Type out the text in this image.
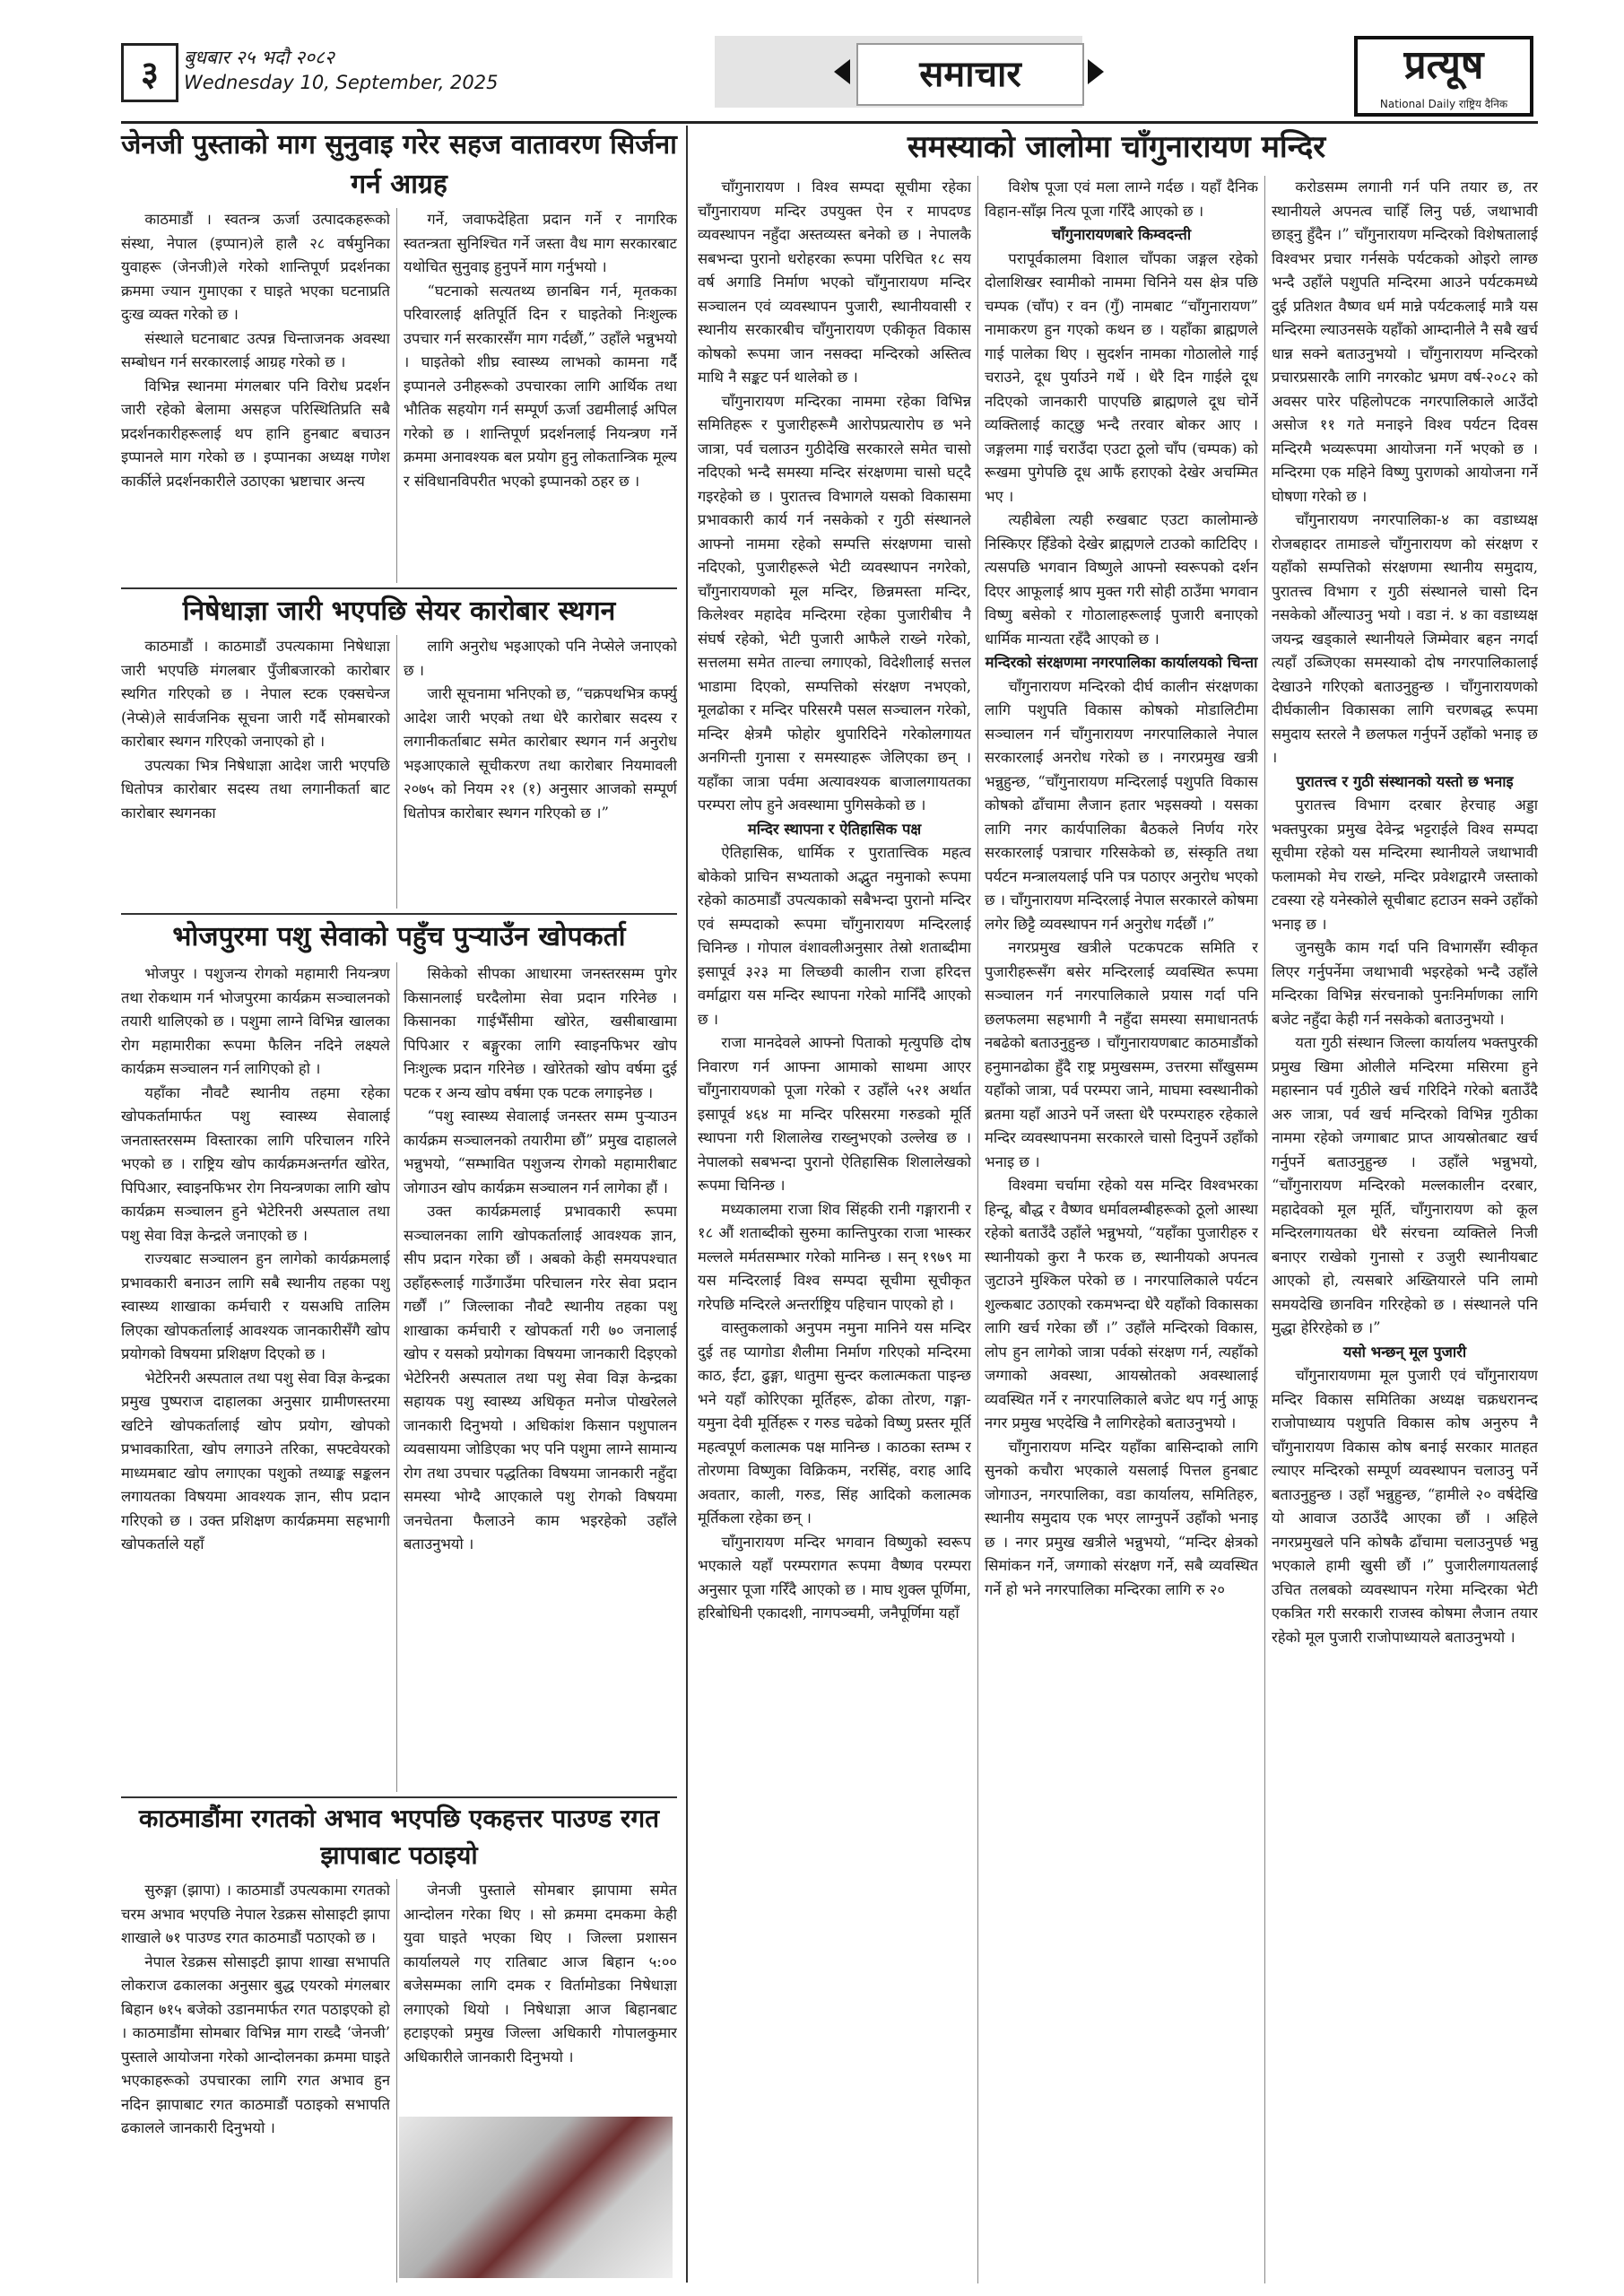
३	बुधबार २५ भदौ २०८२
Wednesday 10, September, 2025	समाचार	प्रत्यूष
National Daily राष्ट्रिय दैनिक
जेनजी पुस्ताको माग सुनुवाइ गरेर सहज वातावरण सिर्जना गर्न आग्रह

काठमाडौं । स्वतन्त्र ऊर्जा उत्पादकहरूको संस्था, नेपाल (इप्पान)ले हालै २८ वर्षमुनिका युवाहरू (जेनजी)ले गरेको शान्तिपूर्ण प्रदर्शनका क्रममा ज्यान गुमाएका र घाइते भएका घटनाप्रति दुःख व्यक्त गरेको छ ।

संस्थाले घटनाबाट उत्पन्न चिन्ताजनक अवस्था सम्बोधन गर्न सरकारलाई आग्रह गरेको छ ।

विभिन्न स्थानमा मंगलबार पनि विरोध प्रदर्शन जारी रहेको बेलामा असहज परिस्थितिप्रति सबै प्रदर्शनकारीहरूलाई थप हानि हुनबाट बचाउन इप्पानले माग गरेको छ । इप्पानका अध्यक्ष गणेश कार्कीले प्रदर्शनकारीले उठाएका भ्रष्टाचार अन्त्य

गर्ने, जवाफदेहिता प्रदान गर्ने र नागरिक स्वतन्त्रता सुनिश्चित गर्ने जस्ता वैध माग सरकारबाट यथोचित सुनुवाइ हुनुपर्ने माग गर्नुभयो ।

“घटनाको सत्यतथ्य छानबिन गर्न, मृतकका परिवारलाई क्षतिपूर्ति दिन र घाइतेको निःशुल्क उपचार गर्न सरकारसँग माग गर्दछौं,” उहाँले भन्नुभयो । घाइतेको शीघ्र स्वास्थ्य लाभको कामना गर्दै इप्पानले उनीहरूको उपचारका लागि आर्थिक तथा भौतिक सहयोग गर्न सम्पूर्ण ऊर्जा उद्यमीलाई अपिल गरेको छ । शान्तिपूर्ण प्रदर्शनलाई नियन्त्रण गर्ने क्रममा अनावश्यक बल प्रयोग हुनु लोकतान्त्रिक मूल्य र संविधानविपरीत भएको इप्पानको ठहर छ ।

निषेधाज्ञा जारी भएपछि सेयर कारोबार स्थगन

काठमाडौं । काठमाडौं उपत्यकामा निषेधाज्ञा जारी भएपछि मंगलबार पुँजीबजारको कारोबार स्थगित गरिएको छ । नेपाल स्टक एक्सचेन्ज (नेप्से)ले सार्वजनिक सूचना जारी गर्दै सोमबारको कारोबार स्थगन गरिएको जनाएको हो ।

उपत्यका भित्र निषेधाज्ञा आदेश जारी भएपछि धितोपत्र कारोबार सदस्य तथा लगानीकर्ता बाट कारोबार स्थगनका

लागि अनुरोध भइआएको पनि नेप्सेले जनाएको छ ।

जारी सूचनामा भनिएको छ, “चक्रपथभित्र कर्फ्यु आदेश जारी भएको तथा धेरै कारोबार सदस्य र लगानीकर्ताबाट समेत कारोबार स्थगन गर्न अनुरोध भइआएकाले सूचीकरण तथा कारोबार नियमावली २०७५ को नियम २१ (१) अनुसार आजको सम्पूर्ण धितोपत्र कारोबार स्थगन गरिएको छ ।”

भोजपुरमा पशु सेवाको पहुँच पुऱ्याउँन खोपकर्ता

भोजपुर । पशुजन्य रोगको महामारी नियन्त्रण तथा रोकथाम गर्न भोजपुरमा कार्यक्रम सञ्चालनको तयारी थालिएको छ । पशुमा लाग्ने विभिन्न खालका रोग महामारीका रूपमा फैलिन नदिने लक्ष्यले कार्यक्रम सञ्चालन गर्न लागिएको हो ।

यहाँका नौवटै स्थानीय तहमा रहेका खोपकर्तामार्फत पशु स्वास्थ्य सेवालाई जनतास्तरसम्म विस्तारका लागि परिचालन गरिने भएको छ । राष्ट्रिय खोप कार्यक्रमअन्तर्गत खोरेत, पिपिआर, स्वाइनफिभर रोग नियन्त्रणका लागि खोप कार्यक्रम सञ्चालन हुने भेटेरिनरी अस्पताल तथा पशु सेवा विज्ञ केन्द्रले जनाएको छ ।

राज्यबाट सञ्चालन हुन लागेको कार्यक्रमलाई प्रभावकारी बनाउन लागि सबै स्थानीय तहका पशु स्वास्थ्य शाखाका कर्मचारी र यसअघि तालिम लिएका खोपकर्तालाई आवश्यक जानकारीसँगै खोप प्रयोगको विषयमा प्रशिक्षण दिएको छ ।

भेटेरिनरी अस्पताल तथा पशु सेवा विज्ञ केन्द्रका प्रमुख पुष्पराज दाहालका अनुसार ग्रामीणस्तरमा खटिने खोपकर्तालाई खोप प्रयोग, खोपको प्रभावकारिता, खोप लगाउने तरिका, सफ्टवेयरको माध्यमबाट खोप लगाएका पशुको तथ्याङ्क सङ्कलन लगायतका विषयमा आवश्यक ज्ञान, सीप प्रदान गरिएको छ । उक्त प्रशिक्षण कार्यक्रममा सहभागी खोपकर्ताले यहाँ

सिकेको सीपका आधारमा जनस्तरसम्म पुगेर किसानलाई घरदैलोमा सेवा प्रदान गरिनेछ । किसानका गाईभैँसीमा खोरेत, खसीबाखामा पिपिआर र बङ्गुरका लागि स्वाइनफिभर खोप निःशुल्क प्रदान गरिनेछ । खोरेतको खोप वर्षमा दुई पटक र अन्य खोप वर्षमा एक पटक लगाइनेछ ।

“पशु स्वास्थ्य सेवालाई जनस्तर सम्म पुऱ्याउन कार्यक्रम सञ्चालनको तयारीमा छौं” प्रमुख दाहालले भन्नुभयो, “सम्भावित पशुजन्य रोगको महामारीबाट जोगाउन खोप कार्यक्रम सञ्चालन गर्न लागेका हौं ।

उक्त कार्यक्रमलाई प्रभावकारी रूपमा सञ्चालनका लागि खोपकर्तालाई आवश्यक ज्ञान, सीप प्रदान गरेका छौं । अबको केही समयपश्चात उहाँहरूलाई गाउँगाउँमा परिचालन गरेर सेवा प्रदान गर्छौं ।” जिल्लाका नौवटै स्थानीय तहका पशु शाखाका कर्मचारी र खोपकर्ता गरी ७० जनालाई खोप र यसको प्रयोगका विषयमा जानकारी दिइएको भेटेरिनरी अस्पताल तथा पशु सेवा विज्ञ केन्द्रका सहायक पशु स्वास्थ्य अधिकृत मनोज पोखरेलले जानकारी दिनुभयो । अधिकांश किसान पशुपालन व्यवसायमा जोडिएका भए पनि पशुमा लाग्ने सामान्य रोग तथा उपचार पद्धतिका विषयमा जानकारी नहुँदा समस्या भोग्दै आएकाले पशु रोगको विषयमा जनचेतना फैलाउने काम भइरहेको उहाँले बताउनुभयो ।

काठमाडौंमा रगतको अभाव भएपछि एकहत्तर पाउण्ड रगत झापाबाट पठाइयो

सुरुङ्गा (झापा) । काठमाडौं उपत्यकामा रगतको चरम अभाव भएपछि नेपाल रेडक्रस सोसाइटी झापा शाखाले ७१ पाउण्ड रगत काठमाडौं पठाएको छ ।

नेपाल रेडक्रस सोसाइटी झापा शाखा सभापति लोकराज ढकालका अनुसार बुद्ध एयरको मंगलबार बिहान ७१५ बजेको उडानमार्फत रगत पठाइएको हो । काठमाडौंमा सोमबार विभिन्न माग राख्दै ‘जेनजी’ पुस्ताले आयोजना गरेको आन्दोलनका क्रममा घाइते भएकाहरूको उपचारका लागि रगत अभाव हुन नदिन झापाबाट रगत काठमाडौं पठाइको सभापति ढकालले जानकारी दिनुभयो ।

जेनजी पुस्ताले सोमबार झापामा समेत आन्दोलन गरेका थिए । सो क्रममा दमकमा केही युवा घाइते भएका थिए । जिल्ला प्रशासन कार्यालयले गए रातिबाट आज बिहान ५:०० बजेसम्मका लागि दमक र विर्तामोडका निषेधाज्ञा लगाएको थियो । निषेधाज्ञा आज बिहानबाट हटाइएको प्रमुख जिल्ला अधिकारी गोपालकुमार अधिकारीले जानकारी दिनुभयो ।

समस्याको जालोमा चाँगुनारायण मन्दिर

चाँगुनारायण । विश्व सम्पदा सूचीमा रहेका चाँगुनारायण मन्दिर उपयुक्त ऐन र मापदण्ड व्यवस्थापन नहुँदा अस्तव्यस्त बनेको छ । नेपालकै सबभन्दा पुरानो धरोहरका रूपमा परिचित १८ सय वर्ष अगाडि निर्माण भएको चाँगुनारायण मन्दिर सञ्चालन एवं व्यवस्थापन पुजारी, स्थानीयवासी र स्थानीय सरकारबीच चाँगुनारायण एकीकृत विकास कोषको रूपमा जान नसक्दा मन्दिरको अस्तित्व माथि नै सङ्कट पर्न थालेको छ ।

चाँगुनारायण मन्दिरका नाममा रहेका विभिन्न समितिहरू र पुजारीहरूमै आरोपप्रत्यारोप छ भने जात्रा, पर्व चलाउन गुठीदेखि सरकारले समेत चासो नदिएको भन्दै समस्या मन्दिर संरक्षणमा चासो घट्दै गइरहेको छ । पुरातत्त्व विभागले यसको विकासमा प्रभावकारी कार्य गर्न नसकेको र गुठी संस्थानले आफ्नो नाममा रहेको सम्पत्ति संरक्षणमा चासो नदिएको, पुजारीहरूले भेटी व्यवस्थापन नगरेको, चाँगुनारायणको मूल मन्दिर, छिन्नमस्ता मन्दिर, किलेश्वर महादेव मन्दिरमा रहेका पुजारीबीच नै संघर्ष रहेको, भेटी पुजारी आफैले राख्ने गरेको, सत्तलमा समेत ताल्चा लगाएको, विदेशीलाई सत्तल भाडामा दिएको, सम्पत्तिको संरक्षण नभएको, मूलढोका र मन्दिर परिसरमै पसल सञ्चालन गरेको, मन्दिर क्षेत्रमै फोहोर थुपारिदिने गरेकोलगायत अनगिन्ती गुनासा र समस्याहरू जेलिएका छन् । यहाँका जात्रा पर्वमा अत्यावश्यक बाजालगायतका परम्परा लोप हुने अवस्थामा पुगिसकेको छ ।

मन्दिर स्थापना र ऐतिहासिक पक्ष

ऐतिहासिक, धार्मिक र पुरातात्त्विक महत्व बोकेको प्राचिन सभ्यताको अद्भुत नमुनाको रूपमा रहेको काठमाडौं उपत्यकाको सबैभन्दा पुरानो मन्दिर एवं सम्पदाको रूपमा चाँगुनारायण मन्दिरलाई चिनिन्छ । गोपाल वंशावलीअनुसार तेस्रो शताब्दीमा इसापूर्व ३२३ मा लिच्छवी कालीन राजा हरिदत्त वर्माद्वारा यस मन्दिर स्थापना गरेको मानिँदै आएको छ ।

राजा मानदेवले आफ्नो पिताको मृत्युपछि दोष निवारण गर्न आफ्ना आमाको साथमा आएर चाँगुनारायणको पूजा गरेको र उहाँले ५२१ अर्थात इसापूर्व ४६४ मा मन्दिर परिसरमा गरुडको मूर्ति स्थापना गरी शिलालेख राख्नुभएको उल्लेख छ । नेपालको सबभन्दा पुरानो ऐतिहासिक शिलालेखको रूपमा चिनिन्छ ।

मध्यकालमा राजा शिव सिंहकी रानी गङ्गारानी र १८ औं शताब्दीको सुरुमा कान्तिपुरका राजा भास्कर मल्लले मर्मतसम्भार गरेको मानिन्छ । सन् १९७९ मा यस मन्दिरलाई विश्व सम्पदा सूचीमा सूचीकृत गरेपछि मन्दिरले अन्तर्राष्ट्रिय पहिचान पाएको हो ।

वास्तुकलाको अनुपम नमुना मानिने यस मन्दिर दुई तह प्यागोडा शैलीमा निर्माण गरिएको मन्दिरमा काठ, ईंटा, ढुङ्गा, धातुमा सुन्दर कलात्मकता पाइन्छ भने यहाँ कोरिएका मूर्तिहरू, ढोका तोरण, गङ्गा-यमुना देवी मूर्तिहरू र गरुड चढेको विष्णु प्रस्तर मूर्ति महत्वपूर्ण कलात्मक पक्ष मानिन्छ । काठका स्तम्भ र तोरणमा विष्णुका विक्रिकम, नरसिंह, वराह आदि अवतार, काली, गरुड, सिंह आदिको कलात्मक मूर्तिकला रहेका छन् ।

चाँगुनारायण मन्दिर भगवान विष्णुको स्वरूप भएकाले यहाँ परम्परागत रूपमा वैष्णव परम्परा अनुसार पूजा गरिँदै आएको छ । माघ शुक्ल पूर्णिमा, हरिबोधिनी एकादशी, नागपञ्चमी, जनैपूर्णिमा यहाँ

विशेष पूजा एवं मला लाग्ने गर्दछ । यहाँ दैनिक विहान-साँझ नित्य पूजा गरिँदै आएको छ ।

चाँगुनारायणबारे किम्वदन्ती

परापूर्वकालमा विशाल चाँपका जङ्गल रहेको दोलाशिखर स्वामीको नाममा चिनिने यस क्षेत्र पछि चम्पक (चाँप) र वन (गुँ) नामबाट “चाँगुनारायण” नामाकरण हुन गएको कथन छ । यहाँका ब्राह्मणले गाई पालेका थिए । सुदर्शन नामका गोठालोले गाई चराउने, दूध पुर्याउने गर्थे । धेरै दिन गाईले दूध नदिएको जानकारी पाएपछि ब्राह्मणले दूध चोर्ने व्यक्तिलाई काट्छु भन्दै तरवार बोकर आए । जङ्गलमा गाई चराउँदा एउटा ठूलो चाँप (चम्पक) को रूखमा पुगेपछि दूध आफैं हराएको देखेर अचम्मित भए ।

त्यहीबेला त्यही रुखबाट एउटा कालोमान्छे निस्किएर हिँडेको देखेर ब्राह्मणले टाउको काटिदिए । त्यसपछि भगवान विष्णुले आफ्नो स्वरूपको दर्शन दिएर आफूलाई श्राप मुक्त गरी सोही ठाउँमा भगवान विष्णु बसेको र गोठालाहरूलाई पुजारी बनाएको धार्मिक मान्यता रहँदै आएको छ ।

मन्दिरको संरक्षणमा नगरपालिका कार्यालयको चिन्ता

चाँगुनारायण मन्दिरको दीर्घ कालीन संरक्षणका लागि पशुपति विकास कोषको मोडालिटीमा सञ्चालन गर्न चाँगुनारायण नगरपालिकाले नेपाल सरकारलाई अनरोध गरेको छ । नगरप्रमुख खत्री भन्नुहुन्छ, “चाँगुनारायण मन्दिरलाई पशुपति विकास कोषको ढाँचामा लैजान हतार भइसक्यो । यसका लागि नगर कार्यपालिका बैठकले निर्णय गरेर सरकारलाई पत्राचार गरिसकेको छ, संस्कृति तथा पर्यटन मन्त्रालयलाई पनि पत्र पठाएर अनुरोध भएको छ । चाँगुनारायण मन्दिरलाई नेपाल सरकारले कोषमा लगेर छिट्टै व्यवस्थापन गर्न अनुरोध गर्दछौं ।”

नगरप्रमुख खत्रीले पटकपटक समिति र पुजारीहरूसँग बसेर मन्दिरलाई व्यवस्थित रूपमा सञ्चालन गर्न नगरपालिकाले प्रयास गर्दा पनि छलफलमा सहभागी नै नहुँदा समस्या समाधानतर्फ नबढेको बताउनुहुन्छ । चाँगुनारायणबाट काठमाडौंको हनुमानढोका हुँदै राष्ट्र प्रमुखसम्म, उत्तरमा साँखुसम्म यहाँको जात्रा, पर्व परम्परा जाने, माघमा स्वस्थानीको ब्रतमा यहाँ आउने पर्ने जस्ता धेरै परम्पराहरु रहेकाले मन्दिर व्यवस्थापनमा सरकारले चासो दिनुपर्ने उहाँको भनाइ छ ।

विश्वमा चर्चामा रहेको यस मन्दिर विश्वभरका हिन्दू, बौद्ध र वैष्णव धर्मावलम्बीहरूको ठूलो आस्था रहेको बताउँदै उहाँले भन्नुभयो, “यहाँका पुजारीहरु र स्थानीयको कुरा नै फरक छ, स्थानीयको अपनत्व जुटाउने मुश्किल परेको छ । नगरपालिकाले पर्यटन शुल्कबाट उठाएको रकमभन्दा धेरै यहाँको विकासका लागि खर्च गरेका छौं ।” उहाँले मन्दिरको विकास, लोप हुन लागेको जात्रा पर्वको संरक्षण गर्न, त्यहाँको जग्गाको अवस्था, आयस्रोतको अवस्थालाई व्यवस्थित गर्ने र नगरपालिकाले बजेट थप गर्नु आफू नगर प्रमुख भएदेखि नै लागिरहेको बताउनुभयो ।

चाँगुनारायण मन्दिर यहाँका बासिन्दाको लागि सुनको कचौरा भएकाले यसलाई पित्तल हुनबाट जोगाउन, नगरपालिका, वडा कार्यालय, समितिहरु, स्थानीय समुदाय एक भएर लाग्नुपर्ने उहाँको भनाइ छ । नगर प्रमुख खत्रीले भन्नुभयो, “मन्दिर क्षेत्रको सिमांकन गर्ने, जग्गाको संरक्षण गर्ने, सबै व्यवस्थित गर्ने हो भने नगरपालिका मन्दिरका लागि रु २०

करोडसम्म लगानी गर्न पनि तयार छ, तर स्थानीयले अपनत्व चाहिँ लिनु पर्छ, जथाभावी छाड्नु हुँदैन ।” चाँगुनारायण मन्दिरको विशेषतालाई विश्वभर प्रचार गर्नसके पर्यटकको ओइरो लाग्छ भन्दै उहाँले पशुपति मन्दिरमा आउने पर्यटकमध्ये दुई प्रतिशत वैष्णव धर्म मान्ने पर्यटकलाई मात्रै यस मन्दिरमा ल्याउनसके यहाँको आम्दानीले नै सबै खर्च धान्न सक्ने बताउनुभयो । चाँगुनारायण मन्दिरको प्रचारप्रसारकै लागि नगरकोट भ्रमण वर्ष-२०८२ को अवसर पारेर पहिलोपटक नगरपालिकाले आउँदो असोज ११ गते मनाइने विश्व पर्यटन दिवस मन्दिरमै भव्यरूपमा आयोजना गर्ने भएको छ । मन्दिरमा एक महिने विष्णु पुराणको आयोजना गर्ने घोषणा गरेको छ ।

चाँगुनारायण नगरपालिका-४ का वडाध्यक्ष रोजबहादर तामाङले चाँगुनारायण को संरक्षण र यहाँको सम्पत्तिको संरक्षणमा स्थानीय समुदाय, पुरातत्त्व विभाग र गुठी संस्थानले चासो दिन नसकेको औंल्याउनु भयो । वडा नं. ४ का वडाध्यक्ष जयन्द्र खड्काले स्थानीयले जिम्मेवार बहन नगर्दा त्यहाँ उब्जिएका समस्याको दोष नगरपालिकालाई देखाउने गरिएको बताउनुहुन्छ । चाँगुनारायणको दीर्घकालीन विकासका लागि चरणबद्ध रूपमा समुदाय स्तरले नै छलफल गर्नुपर्ने उहाँको भनाइ छ ।

पुरातत्त्व र गुठी संस्थानको यस्तो छ भनाइ

पुरातत्त्व विभाग दरबार हेरचाह अड्डा भक्तपुरका प्रमुख देवेन्द्र भट्टराईले विश्व सम्पदा सूचीमा रहेको यस मन्दिरमा स्थानीयले जथाभावी फलामको मेच राख्ने, मन्दिर प्रवेशद्वारमै जस्ताको टवस्या रहे यनेस्कोले सूचीबाट हटाउन सक्ने उहाँको भनाइ छ ।

जुनसुकै काम गर्दा पनि विभागसँग स्वीकृत लिएर गर्नुपर्नेमा जथाभावी भइरहेको भन्दै उहाँले मन्दिरका विभिन्न संरचनाको पुनःनिर्माणका लागि बजेट नहुँदा केही गर्न नसकेको बताउनुभयो ।

यता गुठी संस्थान जिल्ला कार्यालय भक्तपुरकी प्रमुख खिमा ओलीले मन्दिरमा मसिरमा हुने महास्नान पर्व गुठीले खर्च गरिदिने गरेको बताउँदै अरु जात्रा, पर्व खर्च मन्दिरको विभिन्न गुठीका नाममा रहेको जग्गाबाट प्राप्त आयस्रोतबाट खर्च गर्नुपर्ने बताउनुहुन्छ । उहाँले भन्नुभयो, “चाँगुनारायण मन्दिरको मल्लकालीन दरबार, महादेवको मूल मूर्ति, चाँगुनारायण को कूल मन्दिरलगायतका धेरै संरचना व्यक्तिले निजी बनाएर राखेको गुनासो र उजुरी स्थानीयबाट आएको हो, त्यसबारे अख्तियारले पनि लामो समयदेखि छानविन गरिरहेको छ । संस्थानले पनि मुद्धा हेरिरहेको छ ।”

यसो भन्छन् मूल पुजारी

चाँगुनारायणमा मूल पुजारी एवं चाँगुनारायण मन्दिर विकास समितिका अध्यक्ष चक्रधरानन्द राजोपाध्याय पशुपति विकास कोष अनुरुप नै चाँगुनारायण विकास कोष बनाई सरकार मातहत ल्याएर मन्दिरको सम्पूर्ण व्यवस्थापन चलाउनु पर्ने बताउनुहुन्छ । उहाँ भन्नुहुन्छ, “हामीले २० वर्षदेखि यो आवाज उठाउँदै आएका छौं । अहिले नगरप्रमुखले पनि कोषकै ढाँचामा चलाउनुपर्छ भन्नु भएकाले हामी खुसी छौं ।” पुजारीलगायतलाई उचित तलबको व्यवस्थापन गरेमा मन्दिरका भेटी एकत्रित गरी सरकारी राजस्व कोषमा लैजान तयार रहेको मूल पुजारी राजोपाध्यायले बताउनुभयो ।
